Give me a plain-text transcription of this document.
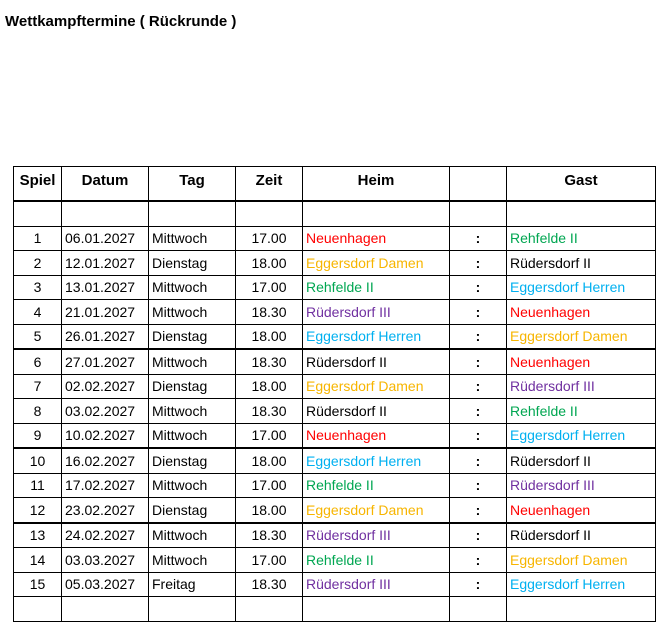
Wettkampftermine ( Rückrunde )
Spiel	Datum	Tag	Zeit	Heim		Gast

1	06.01.2027	Mittwoch	17.00	Neuenhagen	:	Rehfelde II
2	12.01.2027	Dienstag	18.00	Eggersdorf Damen	:	Rüdersdorf II
3	13.01.2027	Mittwoch	17.00	Rehfelde II	:	Eggersdorf Herren
4	21.01.2027	Mittwoch	18.30	Rüdersdorf III	:	Neuenhagen
5	26.01.2027	Dienstag	18.00	Eggersdorf Herren	:	Eggersdorf Damen
6	27.01.2027	Mittwoch	18.30	Rüdersdorf II	:	Neuenhagen
7	02.02.2027	Dienstag	18.00	Eggersdorf Damen	:	Rüdersdorf III
8	03.02.2027	Mittwoch	18.30	Rüdersdorf II	:	Rehfelde II
9	10.02.2027	Mittwoch	17.00	Neuenhagen	:	Eggersdorf Herren
10	16.02.2027	Dienstag	18.00	Eggersdorf Herren	:	Rüdersdorf II
11	17.02.2027	Mittwoch	17.00	Rehfelde II	:	Rüdersdorf III
12	23.02.2027	Dienstag	18.00	Eggersdorf Damen	:	Neuenhagen
13	24.02.2027	Mittwoch	18.30	Rüdersdorf III	:	Rüdersdorf II
14	03.03.2027	Mittwoch	17.00	Rehfelde II	:	Eggersdorf Damen
15	05.03.2027	Freitag	18.30	Rüdersdorf III	:	Eggersdorf Herren
